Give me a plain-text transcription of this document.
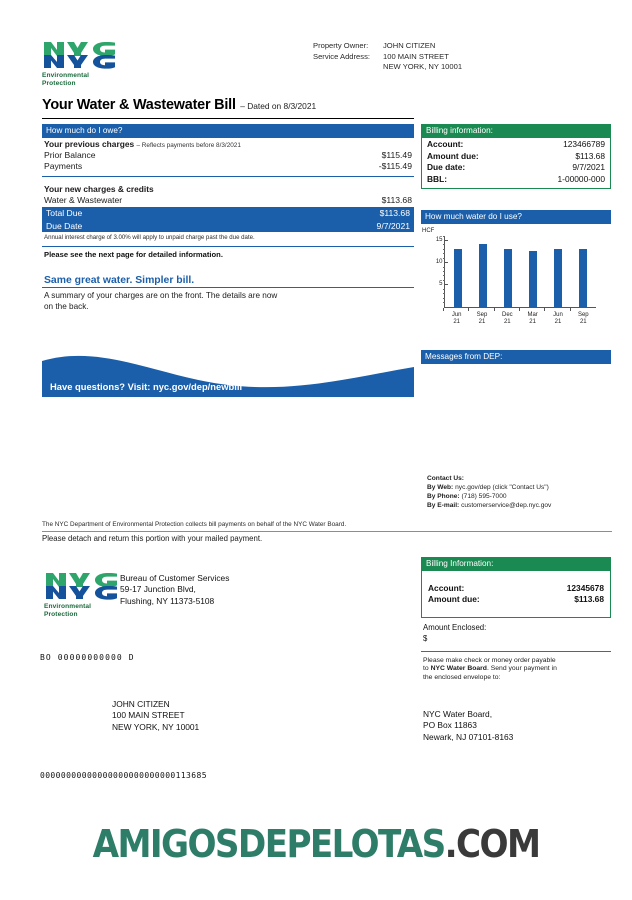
Environmental
Protection
Property Owner:	JOHN CITIZEN
Service Address:	100 MAIN STREET
NEW YORK, NY 10001
Your Water & Wastewater Bill – Dated on 8/3/2021
How much do I owe?
Your previous charges – Reflects payments before 8/3/2021
Prior Balance	$115.49
Payments	-$115.49
Your new charges & credits
Water & Wastewater	$113.68
Total Due	$113.68
Due Date	9/7/2021
Annual interest charge of 3.00% will apply to unpaid charge past the due date.
Please see the next page for detailed information.
Same great water. Simpler bill.
A summary of your charges are on the front. The details are now
on the back.
Have questions? Visit: nyc.gov/dep/newbill
Billing information:
Account:	123466789
Amount due:	$113.68
Due date:	9/7/2021
BBL:	1-00000-000
How much water do I use?
HCF
5
10
15
Jun
21
Sep
21
Dec
21
Mar
21
Jun
21
Sep
21
Messages from DEP:
Contact Us:
By Web: nyc.gov/dep (click "Contact Us")
By Phone: (718) 595-7000
By E-mail: customerservice@dep.nyc.gov
The NYC Department of Environmental Protection collects bill payments on behalf of the NYC Water Board.
Please detach and return this portion with your mailed payment.
Environmental
Protection
Bureau of Customer Services
59-17 Junction Blvd,
Flushing, NY 11373-5108
BO 00000000000 D
JOHN CITIZEN
100 MAIN STREET
NEW YORK, NY 10001
00000000000000000000000000113685
Billing Information:
Account:	12345678
Amount due:	$113.68
Amount Enclosed:
$
Please make check or money order payable
to NYC Water Board. Send your payment in
the enclosed envelope to:
NYC Water Board,
PO Box 11863
Newark, NJ 07101-8163
AMIGOSDEPELOTAS.COM
